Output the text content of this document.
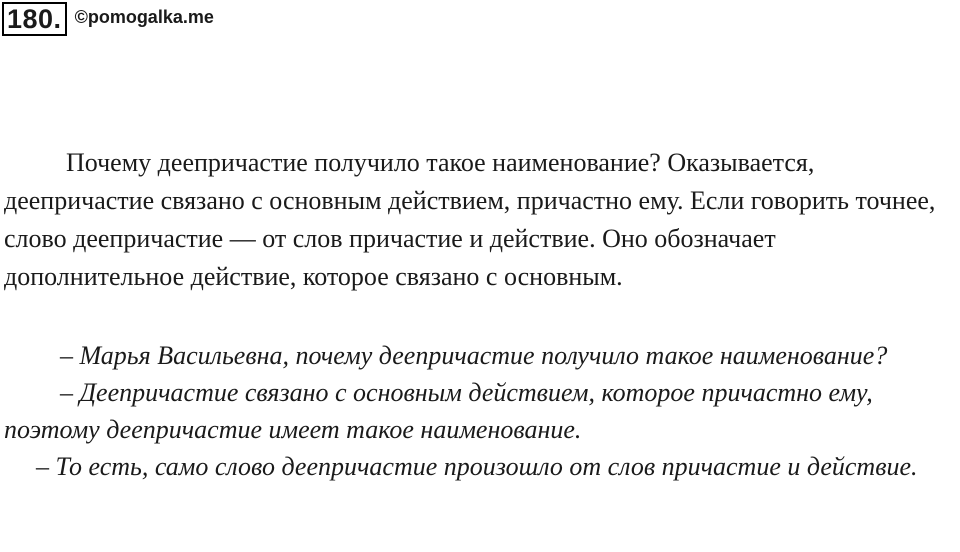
180. ©pomogalka.me

Почему деепричастие получило такое наименование? Оказывается, деепричастие связано с основным действием, причастно ему. Если говорить точнее, слово деепричастие — от слов причастие и действие. Оно обозначает дополнительное действие, которое связано с основным.

– Марья Васильевна, почему деепричастие получило такое наименование?

– Деепричастие связано с основным действием, которое причастно ему, поэтому деепричастие имеет такое наименование.

– То есть, само слово деепричастие произошло от слов причастие и действие.
